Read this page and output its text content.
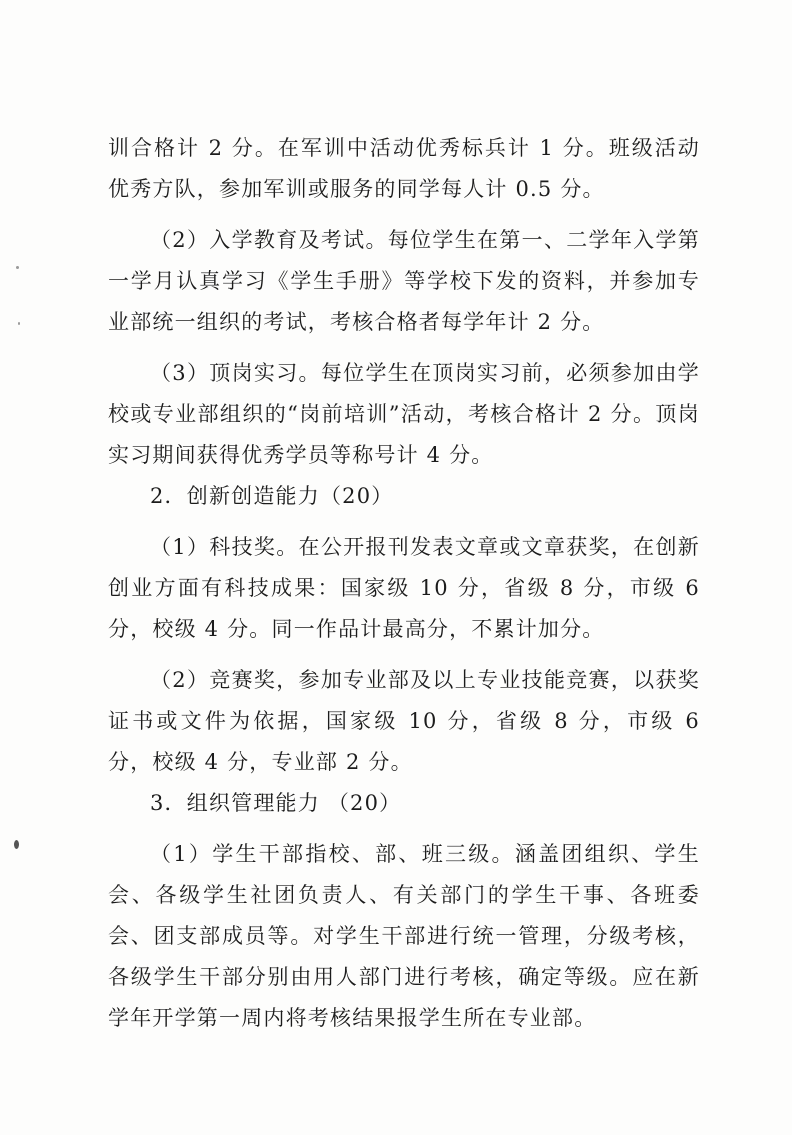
训合格计 2 分。在军训中活动优秀标兵计 1 分。班级活动优秀方队，参加军训或服务的同学每人计 0.5 分。

（2）入学教育及考试。每位学生在第一、二学年入学第一学月认真学习《学生手册》等学校下发的资料，并参加专业部统一组织的考试，考核合格者每学年计 2 分。

（3）顶岗实习。每位学生在顶岗实习前，必须参加由学校或专业部组织的“岗前培训”活动，考核合格计 2 分。顶岗实习期间获得优秀学员等称号计 4 分。

2．创新创造能力（20）

（1）科技奖。在公开报刊发表文章或文章获奖，在创新创业方面有科技成果：国家级 10 分，省级 8 分，市级 6 分，校级 4 分。同一作品计最高分，不累计加分。

（2）竞赛奖，参加专业部及以上专业技能竞赛，以获奖证书或文件为依据，国家级 10 分，省级 8 分，市级 6 分，校级 4 分，专业部 2 分。

3．组织管理能力 （20）

（1）学生干部指校、部、班三级。涵盖团组织、学生会、各级学生社团负责人、有关部门的学生干事、各班委会、团支部成员等。对学生干部进行统一管理，分级考核，各级学生干部分别由用人部门进行考核，确定等级。应在新学年开学第一周内将考核结果报学生所在专业部。
